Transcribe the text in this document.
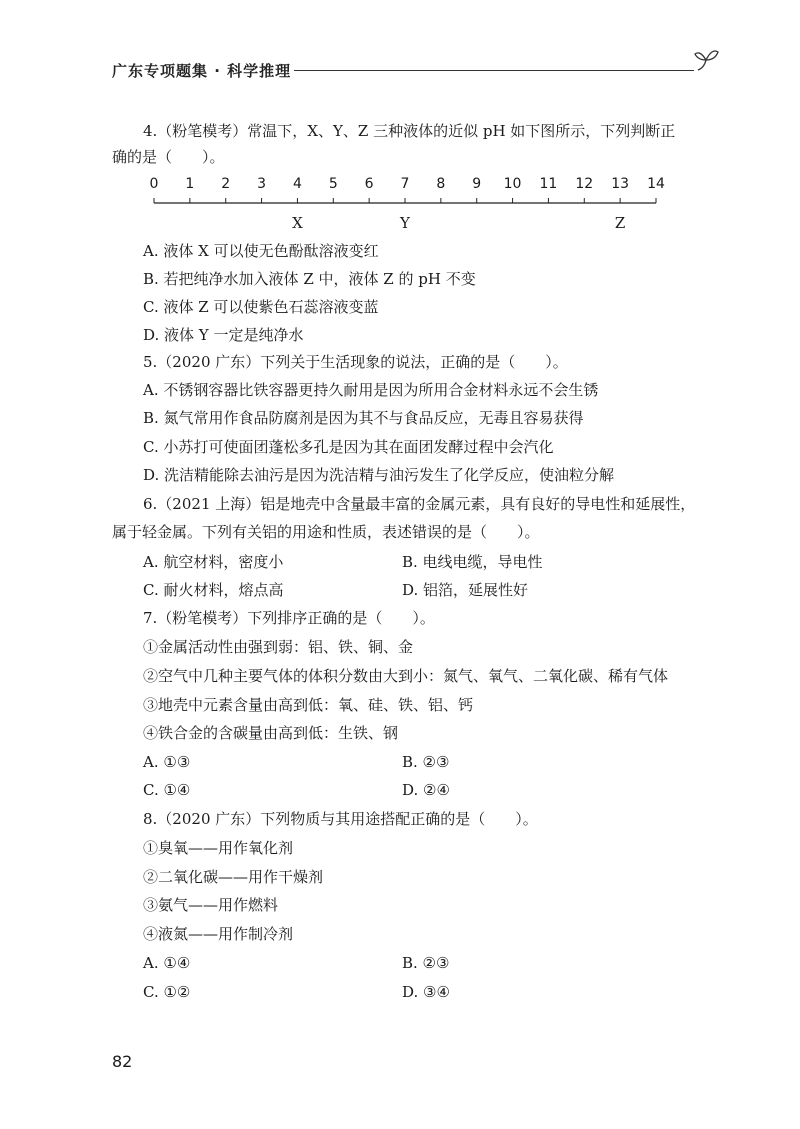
广东专项题集 · 科学推理
4.（粉笔模考）常温下，X、Y、Z 三种液体的近似 pH 如下图所示，下列判断正
确的是（　　）。
0 1 2 3 4 5 6 7 8 9 10 11 12 13 14
X	Y	Z
A. 液体 X 可以使无色酚酞溶液变红
B. 若把纯净水加入液体 Z 中，液体 Z 的 pH 不变
C. 液体 Z 可以使紫色石蕊溶液变蓝
D. 液体 Y 一定是纯净水
5.（2020 广东）下列关于生活现象的说法，正确的是（　　）。
A. 不锈钢容器比铁容器更持久耐用是因为所用合金材料永远不会生锈
B. 氮气常用作食品防腐剂是因为其不与食品反应，无毒且容易获得
C. 小苏打可使面团蓬松多孔是因为其在面团发酵过程中会汽化
D. 洗洁精能除去油污是因为洗洁精与油污发生了化学反应，使油粒分解
6.（2021 上海）铝是地壳中含量最丰富的金属元素，具有良好的导电性和延展性，
属于轻金属。下列有关铝的用途和性质，表述错误的是（　　）。
A. 航空材料，密度小	B. 电线电缆，导电性
C. 耐火材料，熔点高	D. 铝箔，延展性好
7.（粉笔模考）下列排序正确的是（　　）。
①金属活动性由强到弱：铝、铁、铜、金
②空气中几种主要气体的体积分数由大到小：氮气、氧气、二氧化碳、稀有气体
③地壳中元素含量由高到低：氧、硅、铁、铝、钙
④铁合金的含碳量由高到低：生铁、钢
A. ①③	B. ②③
C. ①④	D. ②④
8.（2020 广东）下列物质与其用途搭配正确的是（　　）。
①臭氧——用作氧化剂
②二氧化碳——用作干燥剂
③氨气——用作燃料
④液氮——用作制冷剂
A. ①④	B. ②③
C. ①②	D. ③④
82
